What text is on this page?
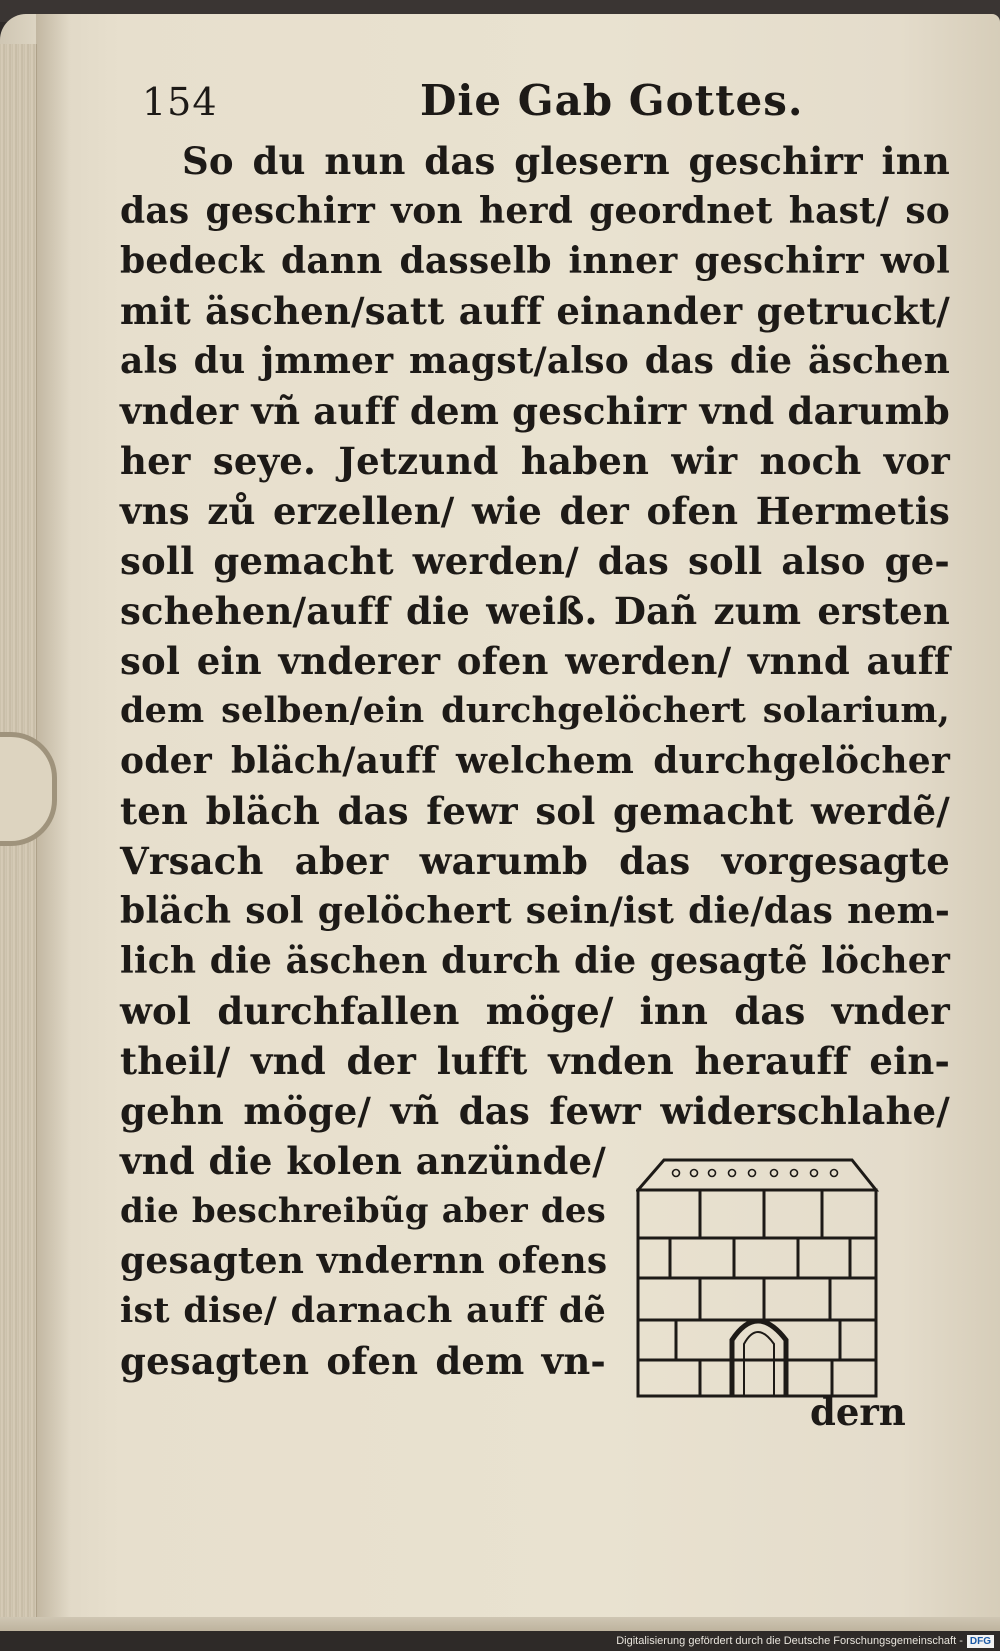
154	Die Gab Gottes.
So du nun das glesern geschirr inn
das geschirr von herd geordnet hast/ so
bedeck dann dasselb inner geschirr wol
mit äschen/satt auff einander getruckt/
als du jmmer magst/also das die äschen
vnder vñ auff dem geschirr vnd darumb
her seye. Jetzund haben wir noch vor
vns zů erzellen/ wie der ofen Hermetis
soll gemacht werden/ das soll also ge-
schehen/auff die weiß. Dañ zum ersten
sol ein vnderer ofen werden/ vnnd auff
dem selben/ein durchgelöchert solarium,
oder bläch/auff welchem durchgelöcher
ten bläch das fewr sol gemacht werdẽ/
Vrsach aber warumb das vorgesagte
bläch sol gelöchert sein/ist die/das nem-
lich die äschen durch die gesagtẽ löcher
wol durchfallen möge/ inn das vnder
theil/ vnd der lufft vnden herauff ein-
gehn möge/ vñ das fewr widerschlahe/
vnd die kolen anzünde/
die beschreibũg aber des
gesagten vndernn ofens
ist dise/ darnach auff dẽ
gesagten ofen dem vn-
dern
Digitalisierung gefördert durch die Deutsche Forschungsgemeinschaft - DFG
